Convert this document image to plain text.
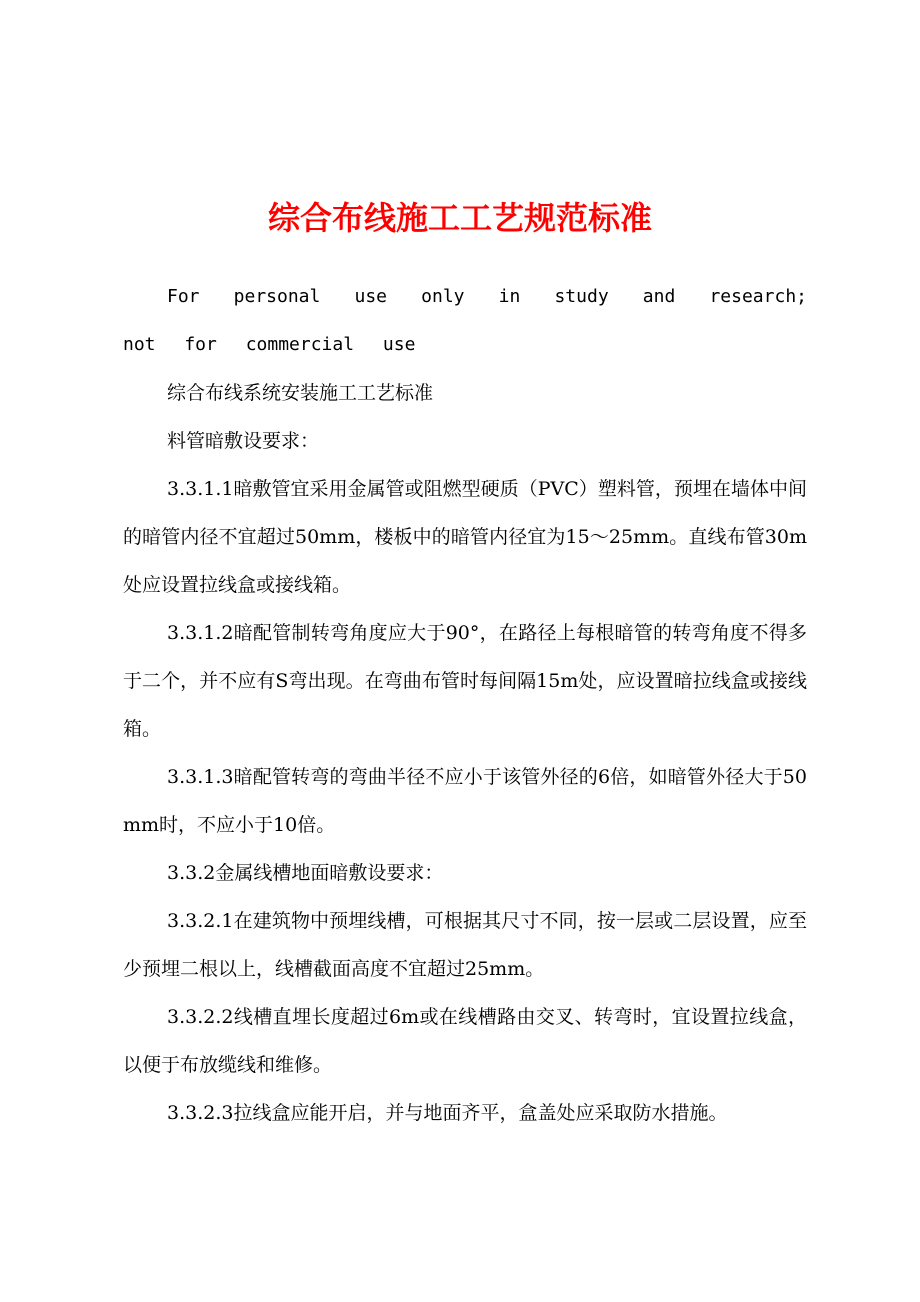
综合布线施工工艺规范标准

For personal use only in study and research; not for commercial use

综合布线系统安装施工工艺标准

料管暗敷设要求：

3.3.1.1暗敷管宜采用金属管或阻燃型硬质（PVC）塑料管，预埋在墙体中间的暗管内径不宜超过50mm，楼板中的暗管内径宜为15～25mm。直线布管30m处应设置拉线盒或接线箱。

3.3.1.2暗配管制转弯角度应大于90°，在路径上每根暗管的转弯角度不得多于二个，并不应有S弯出现。在弯曲布管时每间隔15m处，应设置暗拉线盒或接线箱。

3.3.1.3暗配管转弯的弯曲半径不应小于该管外径的6倍，如暗管外径大于50mm时，不应小于10倍。

3.3.2金属线槽地面暗敷设要求：

3.3.2.1在建筑物中预埋线槽，可根据其尺寸不同，按一层或二层设置，应至少预埋二根以上，线槽截面高度不宜超过25mm。

3.3.2.2线槽直埋长度超过6m或在线槽路由交叉、转弯时，宜设置拉线盒，以便于布放缆线和维修。

3.3.2.3拉线盒应能开启，并与地面齐平，盒盖处应采取防水措施。
